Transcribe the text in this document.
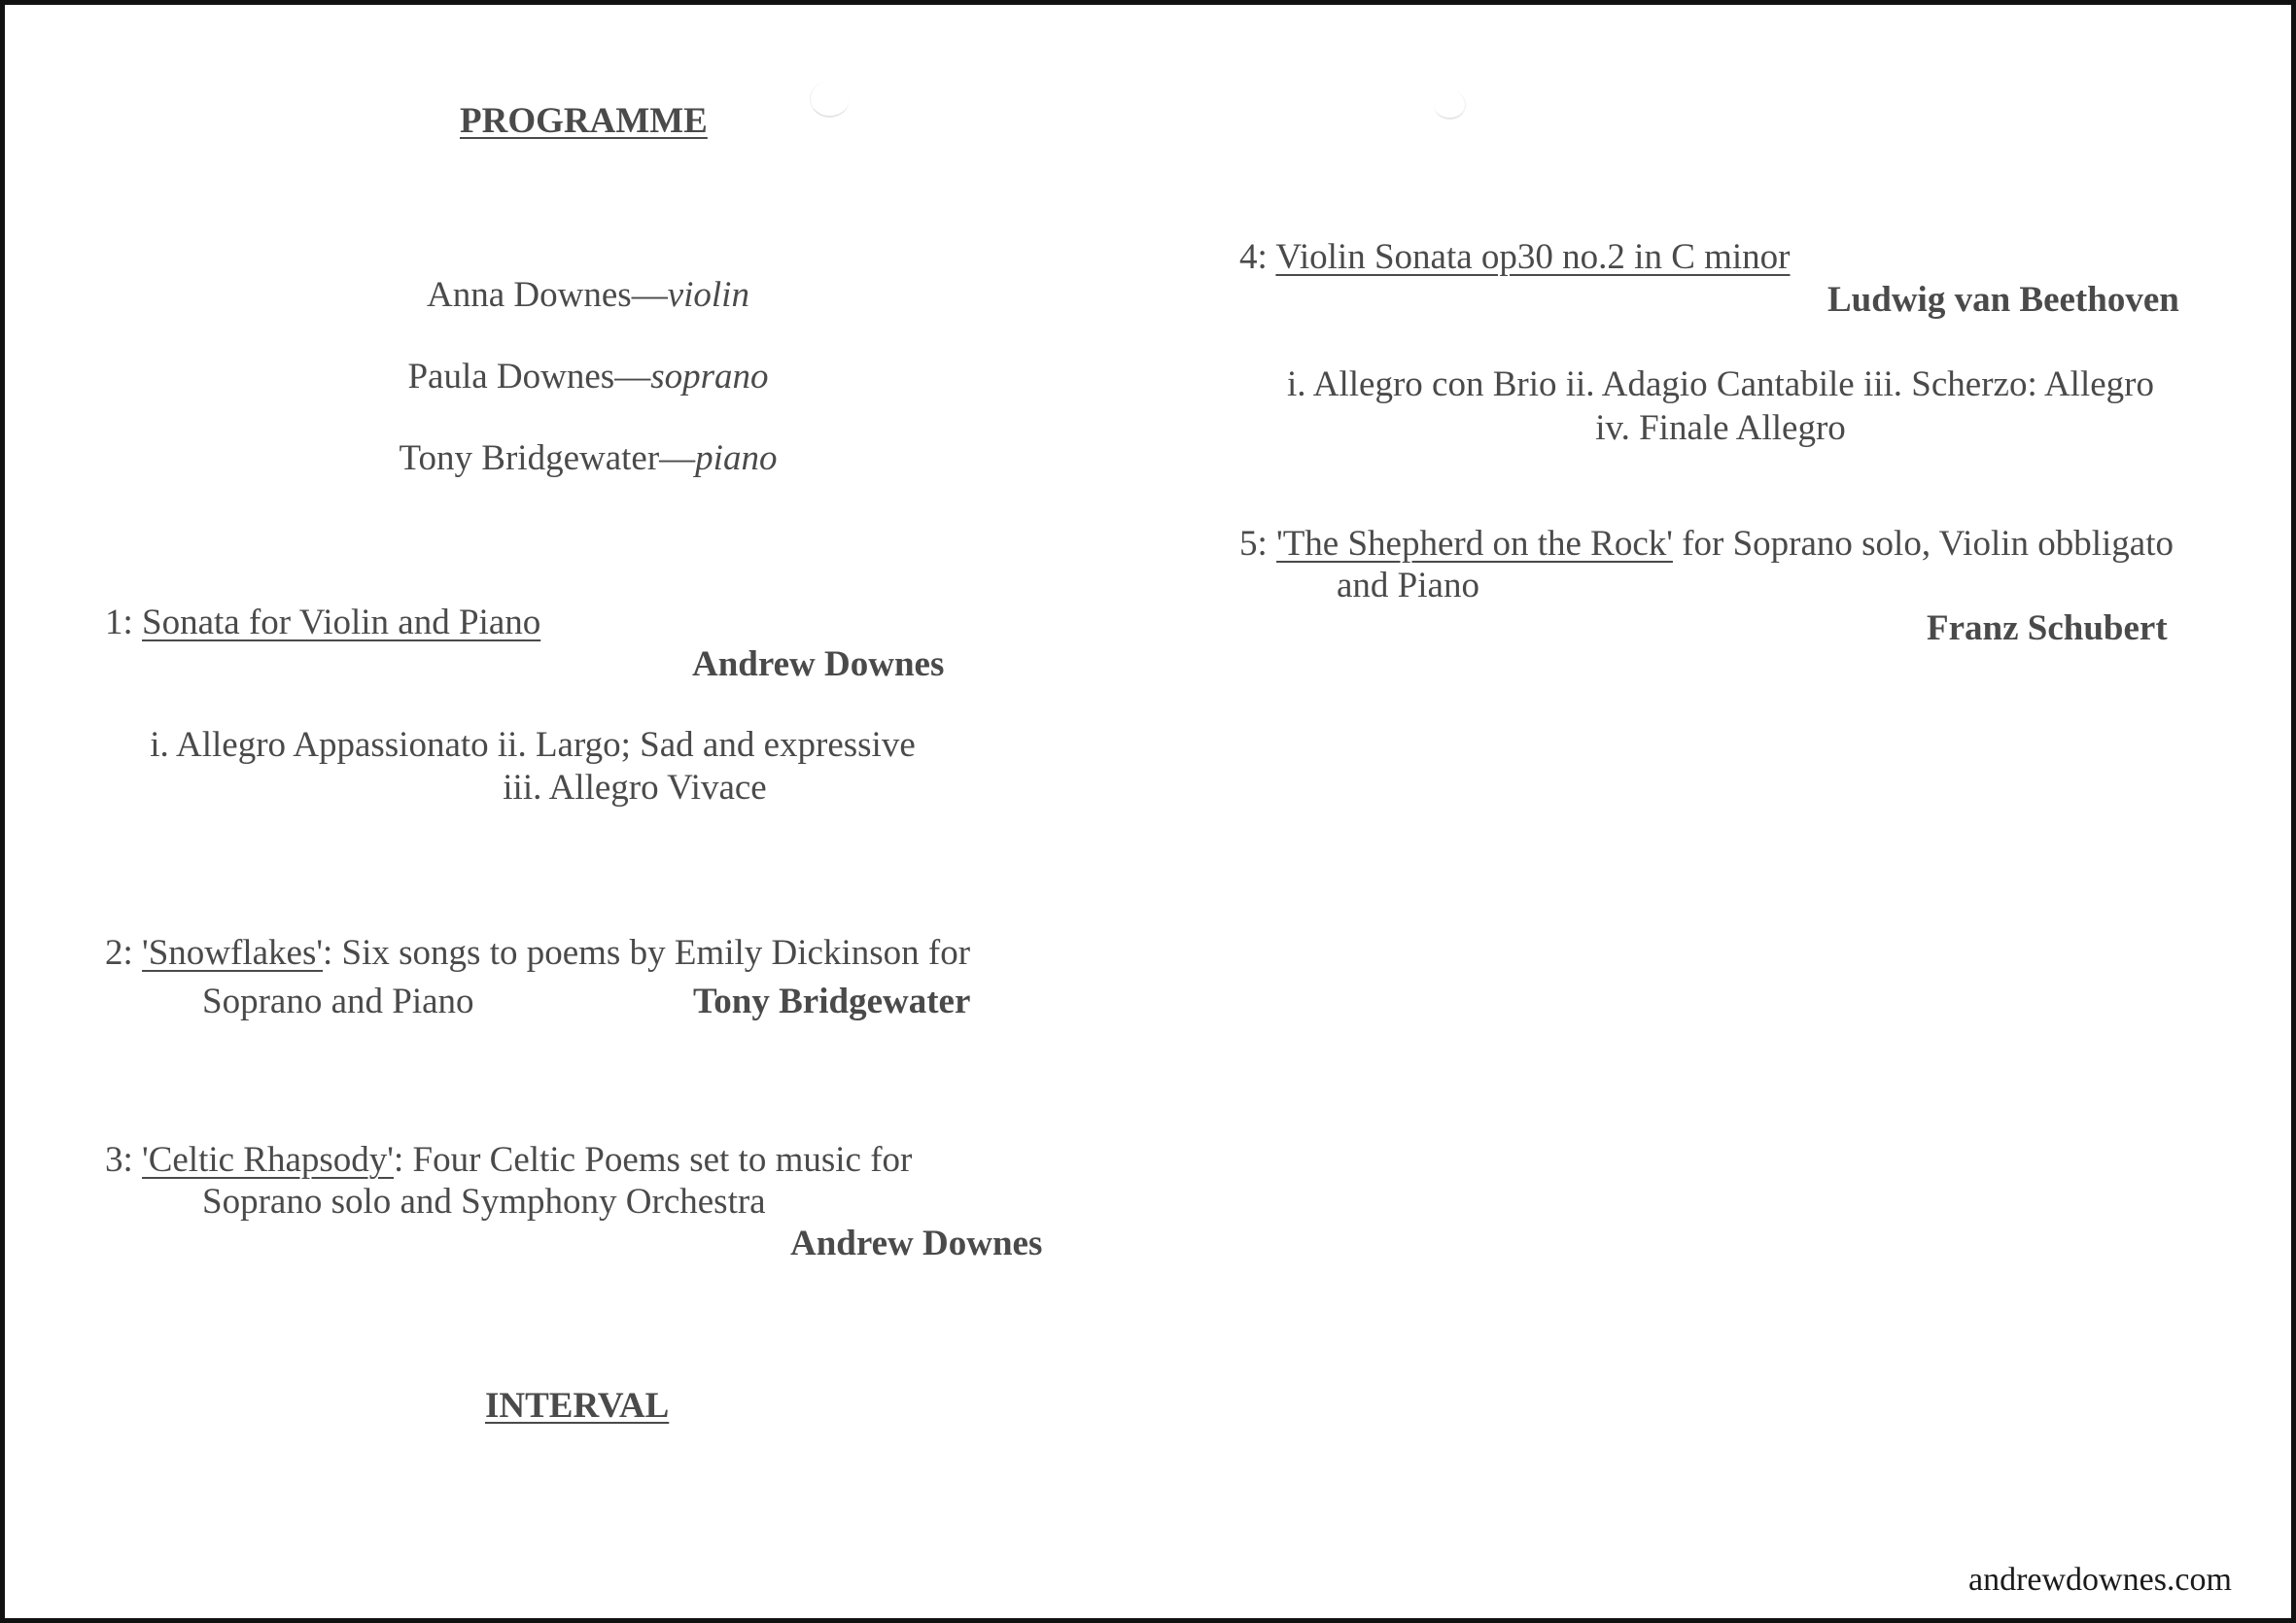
PROGRAMME
Anna Downes—violin
Paula Downes—soprano
Tony Bridgewater—piano
1: Sonata for Violin and Piano
Andrew Downes
i. Allegro Appassionato ii. Largo; Sad and expressive
iii. Allegro Vivace
2: 'Snowflakes': Six songs to poems by Emily Dickinson for
Soprano and Piano	Tony Bridgewater
3: 'Celtic Rhapsody': Four Celtic Poems set to music for
Soprano solo and Symphony Orchestra
Andrew Downes
INTERVAL
4: Violin Sonata op30 no.2 in C minor
Ludwig van Beethoven
i. Allegro con Brio ii. Adagio Cantabile iii. Scherzo: Allegro
iv. Finale Allegro
5: 'The Shepherd on the Rock' for Soprano solo, Violin obbligato
and Piano
Franz Schubert
andrewdownes.com
